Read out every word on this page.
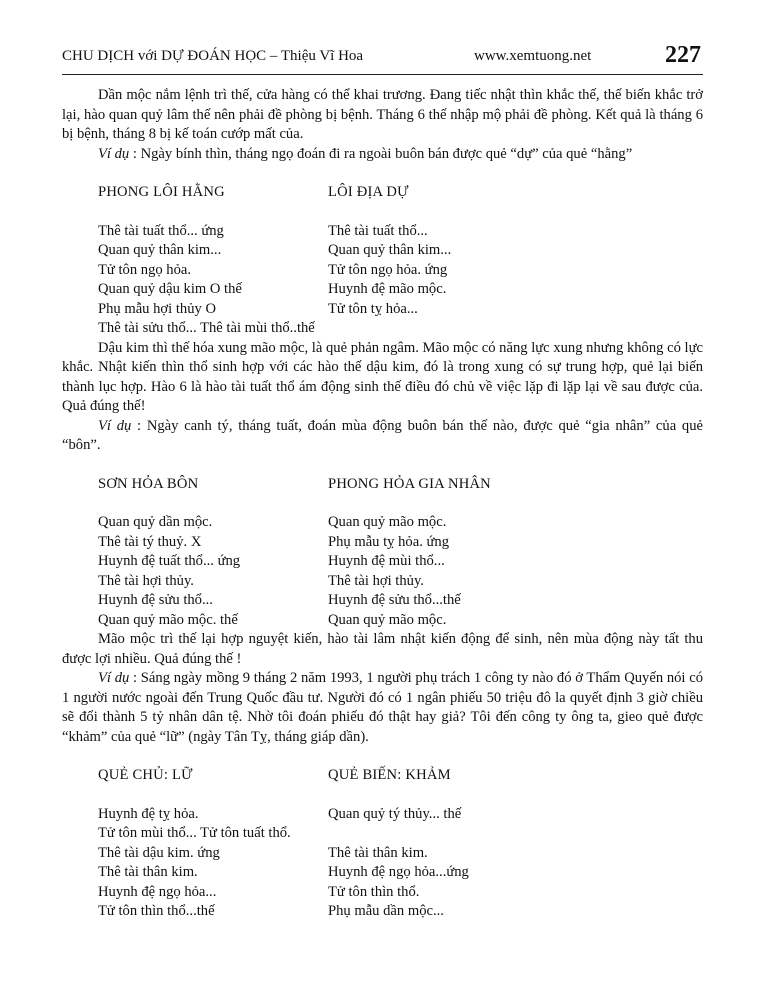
CHU DỊCH với DỰ ĐOÁN HỌC – Thiệu Vĩ Hoa	www.xemtuong.net	227

Dần mộc nắm lệnh trì thế, cửa hàng có thể khai trương. Đang tiếc nhật thìn khắc thế, thế biến khắc trở lại, hào quan quỷ lâm thế nên phải đề phòng bị bệnh. Tháng 6 thế nhập mộ phải đề phòng. Kết quả là tháng 6 bị bệnh, tháng 8 bị kế toán cướp mất của.

Ví dụ : Ngày bính thìn, tháng ngọ đoán đi ra ngoài buôn bán được quẻ “dự” của quẻ “hằng”

PHONG LÔI HẰNG	LÔI ĐỊA DỰ
Thê tài tuất thổ... ứng	Thê tài tuất thổ...
Quan quỷ thân kim...	Quan quỷ thân kim...
Tử tôn ngọ hỏa.	Tử tôn ngọ hỏa. ứng
Quan quỷ dậu kim O thế	Huynh đệ mão mộc.
Phụ mẫu hợi thủy O	Tử tôn tỵ hỏa...
Thê tài sửu thổ... Thê tài mùi thổ..thế

Dậu kim thì thế hóa xung mão mộc, là quẻ phản ngâm. Mão mộc có năng lực xung nhưng không có lực khắc. Nhật kiến thìn thổ sinh hợp với các hào thế dậu kim, đó là trong xung có sự trung hợp, quẻ lại biến thành lục hợp. Hào 6 là hào tài tuất thổ ám động sinh thế điều đó chủ về việc lặp đi lặp lại về sau được của. Quả đúng thế!

Ví dụ : Ngày canh tý, tháng tuất, đoán mùa động buôn bán thế nào, được quẻ “gia nhân” của quẻ “bôn”.

SƠN HỎA BÔN	PHONG HỎA GIA NHÂN
Quan quỷ dần mộc.	Quan quỷ mão mộc.
Thê tài tý thuỷ. X	Phụ mẫu tỵ hỏa. ứng
Huynh đệ tuất thổ... ứng	Huynh đệ mùi thổ...
Thê tài hợi thủy.	Thê tài hợi thủy.
Huynh đệ sửu thổ...	Huynh đệ sửu thổ...thế
Quan quỷ mão mộc. thế	Quan quỷ mão mộc.

Mão mộc trì thế lại hợp nguyệt kiến, hào tài lâm nhật kiến động để sinh, nên mùa động này tất thu được lợi nhiều. Quả đúng thế !

Ví dụ : Sáng ngày mồng 9 tháng 2 năm 1993, 1 người phụ trách 1 công ty nào đó ở Thẩm Quyến nói có 1 người nước ngoài đến Trung Quốc đầu tư. Người đó có 1 ngân phiếu 50 triệu đô la quyết định 3 giờ chiều sẽ đổi thành 5 tỷ nhân dân tệ. Nhờ tôi đoán phiếu đó thật hay giả? Tôi đến công ty ông ta, gieo quẻ được “khảm” của quẻ “lữ” (ngày Tân Tỵ, tháng giáp dần).

QUẺ CHỦ: LỮ	QUẺ BIẾN: KHẢM
Huynh đệ tỵ hỏa.	Quan quỷ tý thủy... thế
Tử tôn mùi thổ... Tử tôn tuất thổ.
Thê tài dậu kim. ứng	Thê tài thân kim.
Thê tài thân kim.	Huynh đệ ngọ hỏa...ứng
Huynh đệ ngọ hỏa...	Tử tôn thìn thổ.
Tử tôn thìn thổ...thế	Phụ mẫu dần mộc...
